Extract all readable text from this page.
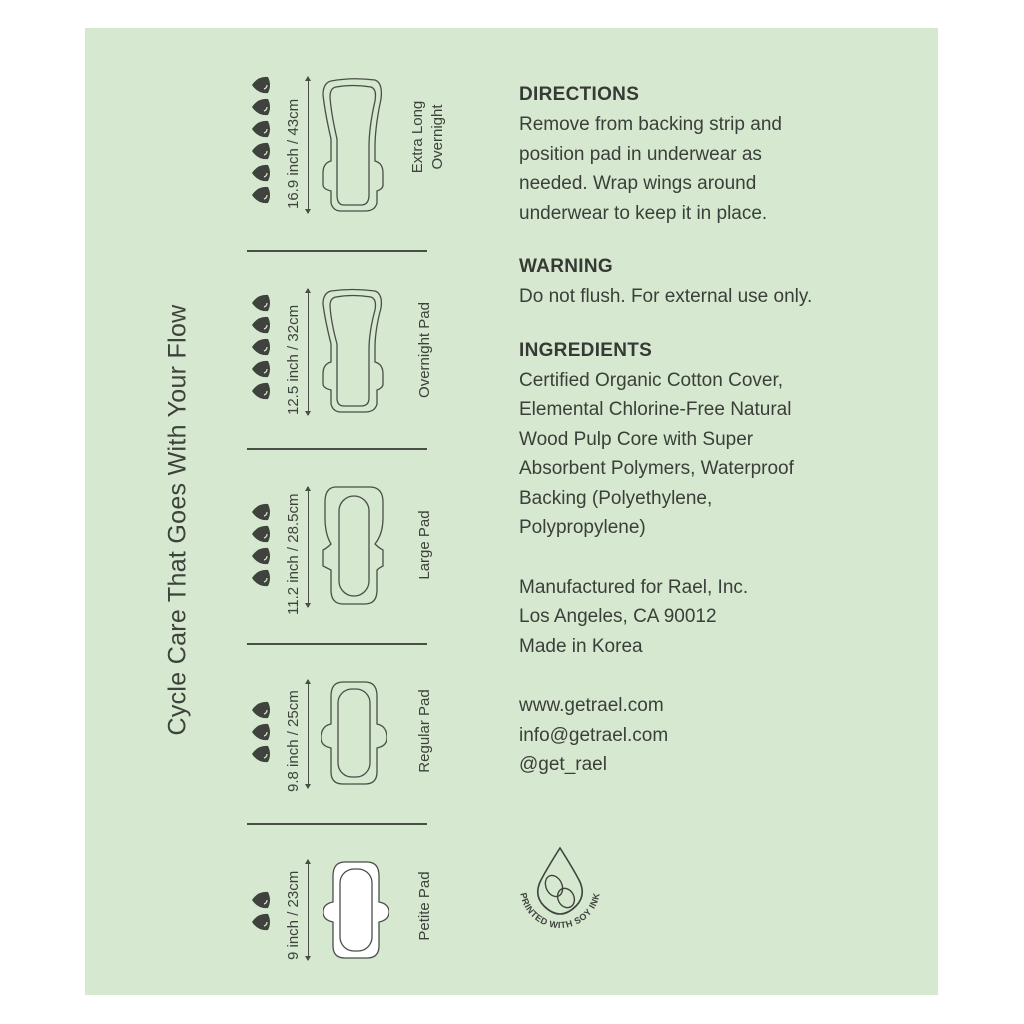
Cycle Care That Goes With Your Flow
16.9 inch / 43cm	Extra Long Overnight
12.5 inch / 32cm	Overnight Pad
11.2 inch / 28.5cm	Large Pad
9.8 inch / 25cm	Regular Pad
9 inch / 23cm	Petite Pad
DIRECTIONS

Remove from backing strip and
position pad in underwear as
needed. Wrap wings around
underwear to keep it in place.

WARNING

Do not flush. For external use only.

INGREDIENTS

Certified Organic Cotton Cover,
Elemental Chlorine-Free Natural
Wood Pulp Core with Super
Absorbent Polymers, Waterproof
Backing (Polyethylene,
Polypropylene)

Manufactured for Rael, Inc.
Los Angeles, CA 90012
Made in Korea

www.getrael.com
info@getrael.com
@get_rael

PRINTED WITH SOY INK
